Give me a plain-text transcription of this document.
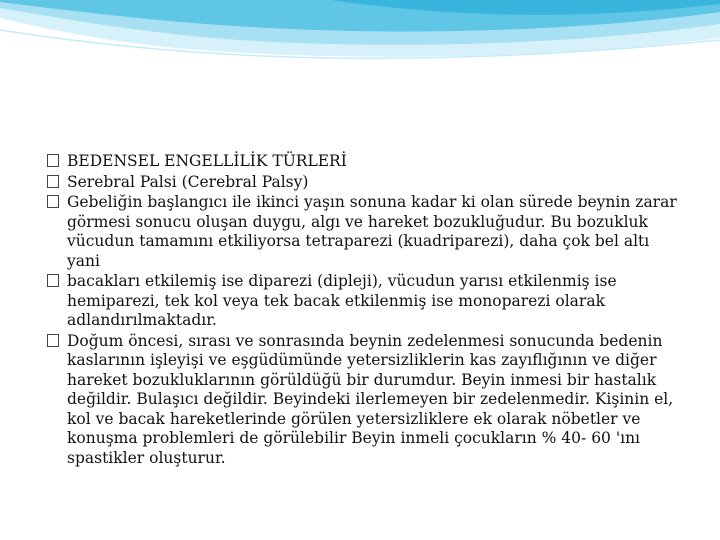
BEDENSEL ENGELLİLİK TÜRLERİ
Serebral Palsi (Cerebral Palsy)
Gebeliğin başlangıcı ile ikinci yaşın sonuna kadar ki olan sürede beynin zarar görmesi sonucu oluşan duygu, algı ve hareket bozukluğudur. Bu bozukluk vücudun tamamını etkiliyorsa tetraparezi (kuadriparezi), daha çok bel altı yani
bacakları etkilemiş ise diparezi (dipleji), vücudun yarısı etkilenmiş ise hemiparezi, tek kol veya tek bacak etkilenmiş ise monoparezi olarak adlandırılmaktadır.
Doğum öncesi, sırası ve sonrasında beynin zedelenmesi sonucunda bedenin kaslarının işleyişi ve eşgüdümünde yetersizliklerin kas zayıflığının ve diğer hareket bozukluklarının görüldüğü bir durumdur. Beyin inmesi bir hastalık değildir. Bulaşıcı değildir. Beyindeki ilerlemeyen bir zedelenmedir. Kişinin el, kol ve bacak hareketlerinde görülen yetersizliklere ek olarak nöbetler ve konuşma problemleri de görülebilir Beyin inmeli çocukların % 40- 60 'ını spastikler oluşturur.
